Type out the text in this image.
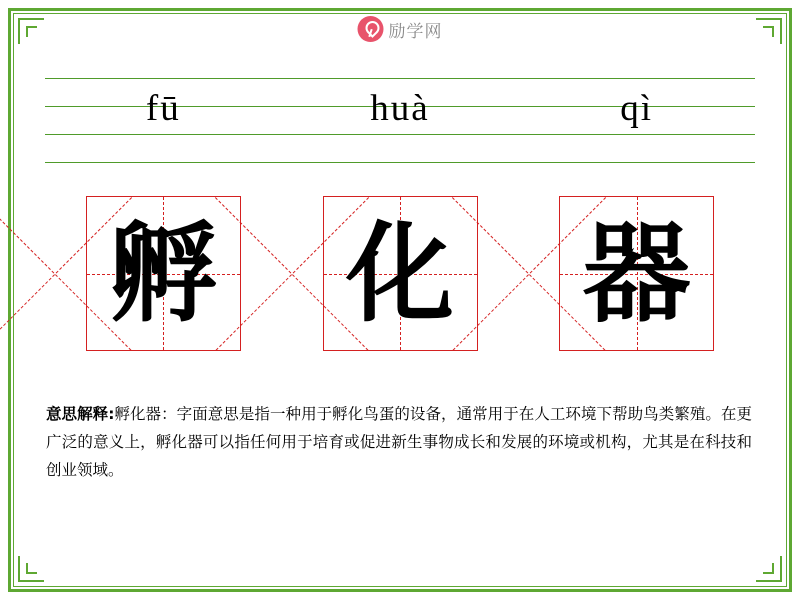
励学网
fū	huà	qì
孵 化 器
意思解释:孵化器：字面意思是指一种用于孵化鸟蛋的设备，通常用于在人工环境下帮助鸟类繁殖。在更广泛的意义上，孵化器可以指任何用于培育或促进新生事物成长和发展的环境或机构，尤其是在科技和创业领域。
